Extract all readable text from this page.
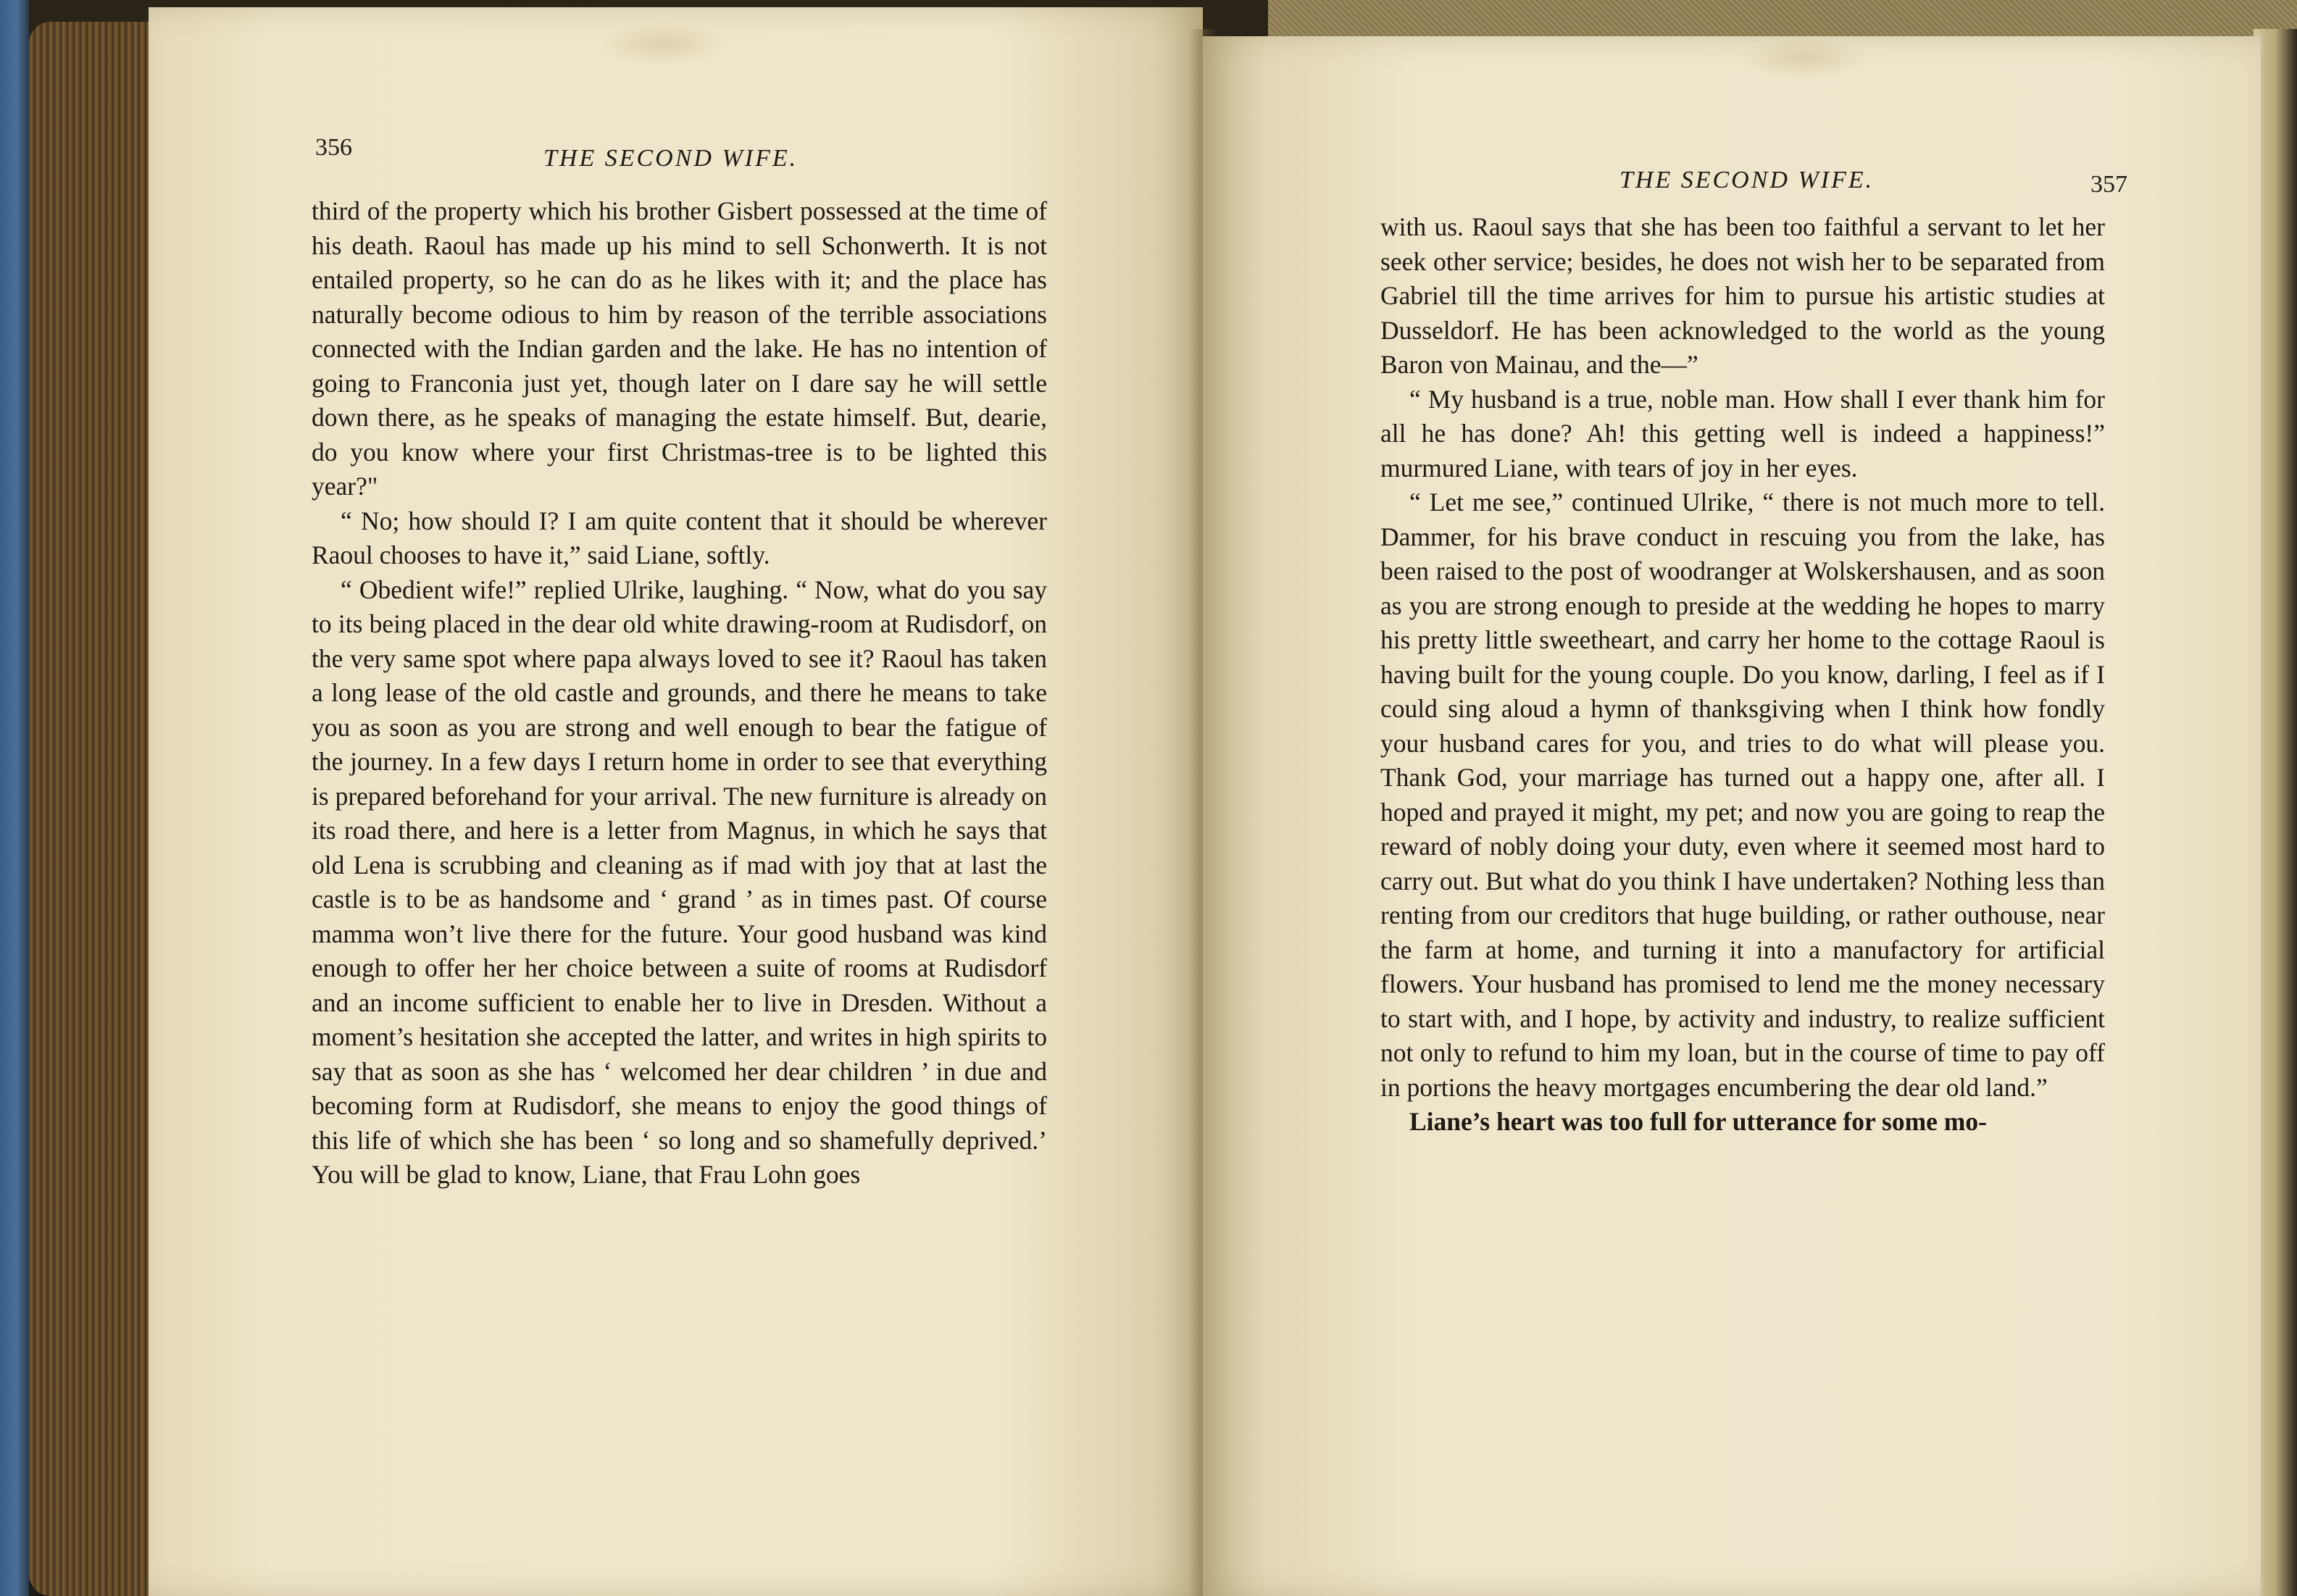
356	THE SECOND WIFE.

third of the property which his brother Gisbert possessed at the time of his death. Raoul has made up his mind to sell Schonwerth. It is not entailed property, so he can do as he likes with it; and the place has naturally become odious to him by reason of the terrible associations connected with the Indian garden and the lake. He has no intention of going to Franconia just yet, though later on I dare say he will settle down there, as he speaks of managing the estate himself. But, dearie, do you know where your first Christmas-tree is to be lighted this year?"

“ No; how should I? I am quite content that it should be wherever Raoul chooses to have it,” said Liane, softly.

“ Obedient wife!” replied Ulrike, laughing. “ Now, what do you say to its being placed in the dear old white drawing-room at Rudisdorf, on the very same spot where papa always loved to see it? Raoul has taken a long lease of the old castle and grounds, and there he means to take you as soon as you are strong and well enough to bear the fatigue of the journey. In a few days I return home in order to see that everything is prepared beforehand for your arrival. The new furniture is already on its road there, and here is a letter from Magnus, in which he says that old Lena is scrubbing and cleaning as if mad with joy that at last the castle is to be as handsome and ‘ grand ’ as in times past. Of course mamma won’t live there for the future. Your good husband was kind enough to offer her her choice between a suite of rooms at Rudisdorf and an income sufficient to enable her to live in Dresden. Without a moment’s hesitation she accepted the latter, and writes in high spirits to say that as soon as she has ‘ welcomed her dear children ’ in due and becoming form at Rudisdorf, she means to enjoy the good things of this life of which she has been ‘ so long and so shamefully deprived.’ You will be glad to know, Liane, that Frau Lohn goes

THE SECOND WIFE.	357

with us. Raoul says that she has been too faithful a servant to let her seek other service; besides, he does not wish her to be separated from Gabriel till the time arrives for him to pursue his artistic studies at Dusseldorf. He has been acknowledged to the world as the young Baron von Mainau, and the—”

“ My husband is a true, noble man. How shall I ever thank him for all he has done? Ah! this getting well is indeed a happiness!” murmured Liane, with tears of joy in her eyes.

“ Let me see,” continued Ulrike, “ there is not much more to tell. Dammer, for his brave conduct in rescuing you from the lake, has been raised to the post of woodranger at Wolskershausen, and as soon as you are strong enough to preside at the wedding he hopes to marry his pretty little sweetheart, and carry her home to the cottage Raoul is having built for the young couple. Do you know, darling, I feel as if I could sing aloud a hymn of thanksgiving when I think how fondly your husband cares for you, and tries to do what will please you. Thank God, your marriage has turned out a happy one, after all. I hoped and prayed it might, my pet; and now you are going to reap the reward of nobly doing your duty, even where it seemed most hard to carry out. But what do you think I have undertaken? Nothing less than renting from our creditors that huge building, or rather outhouse, near the farm at home, and turning it into a manufactory for artificial flowers. Your husband has promised to lend me the money necessary to start with, and I hope, by activity and industry, to realize sufficient not only to refund to him my loan, but in the course of time to pay off in portions the heavy mortgages encumbering the dear old land.”

Liane’s heart was too full for utterance for some mo-
